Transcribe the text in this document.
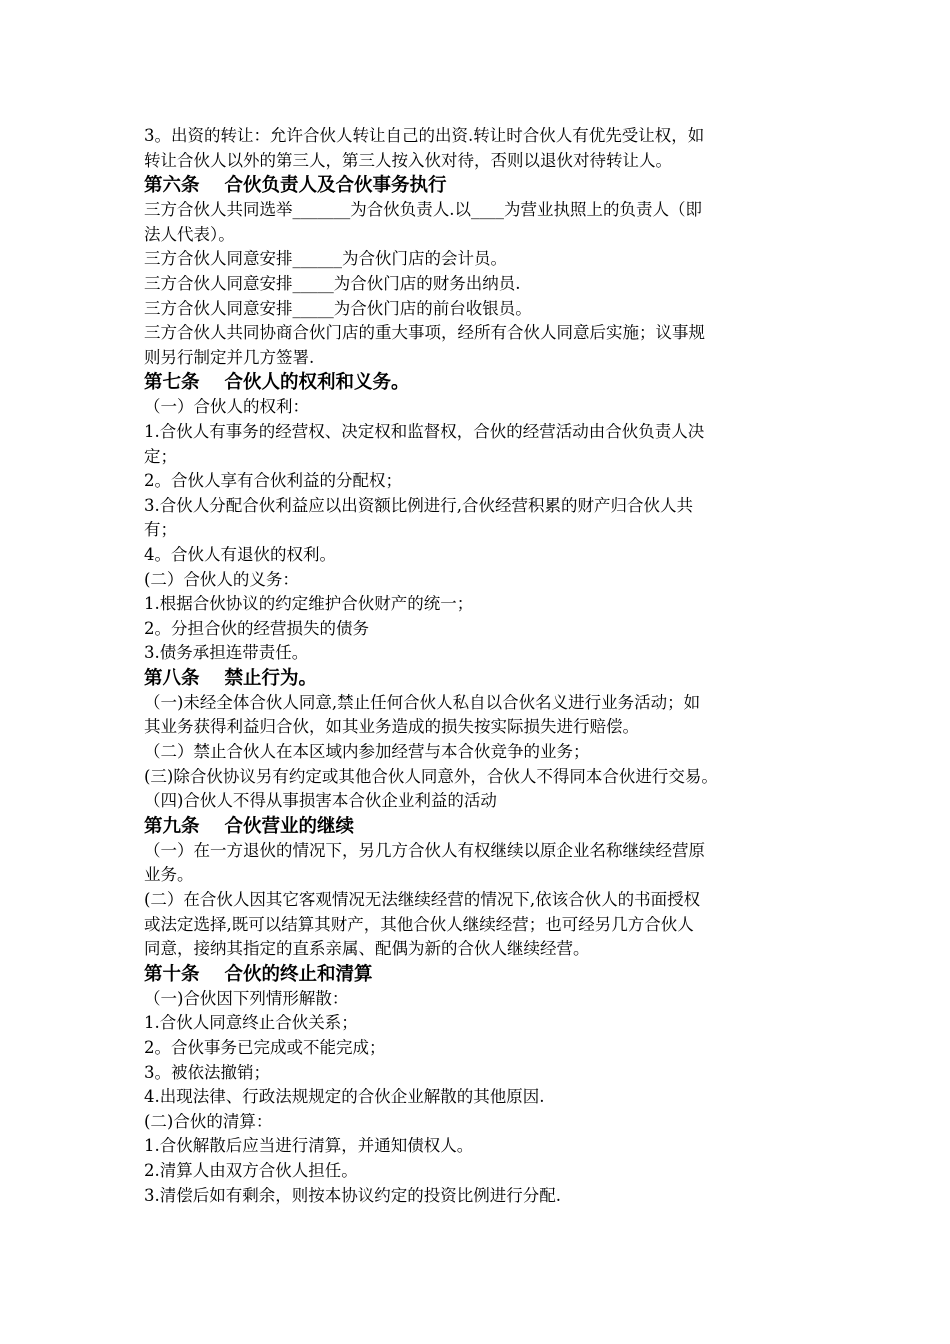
3。出资的转让：允许合伙人转让自己的出资.转让时合伙人有优先受让权，如
转让合伙人以外的第三人，第三人按入伙对待，否则以退伙对待转让人。
第六条　 合伙负责人及合伙事务执行
三方合伙人共同选举_______为合伙负责人.以____为营业执照上的负责人（即
法人代表）。
三方合伙人同意安排______为合伙门店的会计员。
三方合伙人同意安排_____为合伙门店的财务出纳员.
三方合伙人同意安排_____为合伙门店的前台收银员。
三方合伙人共同协商合伙门店的重大事项，经所有合伙人同意后实施；议事规
则另行制定并几方签署.
第七条　 合伙人的权利和义务。
（一）合伙人的权利：
1.合伙人有事务的经营权、决定权和监督权，合伙的经营活动由合伙负责人决
定；
2。合伙人享有合伙利益的分配权；
3.合伙人分配合伙利益应以出资额比例进行,合伙经营积累的财产归合伙人共
有；
4。合伙人有退伙的权利。
(二）合伙人的义务：
1.根据合伙协议的约定维护合伙财产的统一；
2。分担合伙的经营损失的债务
3.债务承担连带责任。
第八条　 禁止行为。
（一)未经全体合伙人同意,禁止任何合伙人私自以合伙名义进行业务活动；如
其业务获得利益归合伙，如其业务造成的损失按实际损失进行赔偿。
（二）禁止合伙人在本区域内参加经营与本合伙竞争的业务；
(三)除合伙协议另有约定或其他合伙人同意外，合伙人不得同本合伙进行交易。
（四)合伙人不得从事损害本合伙企业利益的活动
第九条　 合伙营业的继续
（一）在一方退伙的情况下，另几方合伙人有权继续以原企业名称继续经营原
业务。
(二）在合伙人因其它客观情况无法继续经营的情况下,依该合伙人的书面授权
或法定选择,既可以结算其财产，其他合伙人继续经营；也可经另几方合伙人
同意，接纳其指定的直系亲属、配偶为新的合伙人继续经营。
第十条　 合伙的终止和清算
（一)合伙因下列情形解散：
1.合伙人同意终止合伙关系；
2。合伙事务已完成或不能完成；
3。被依法撤销；
4.出现法律、行政法规规定的合伙企业解散的其他原因.
(二)合伙的清算：
1.合伙解散后应当进行清算，并通知债权人。
2.清算人由双方合伙人担任。
3.清偿后如有剩余，则按本协议约定的投资比例进行分配.
